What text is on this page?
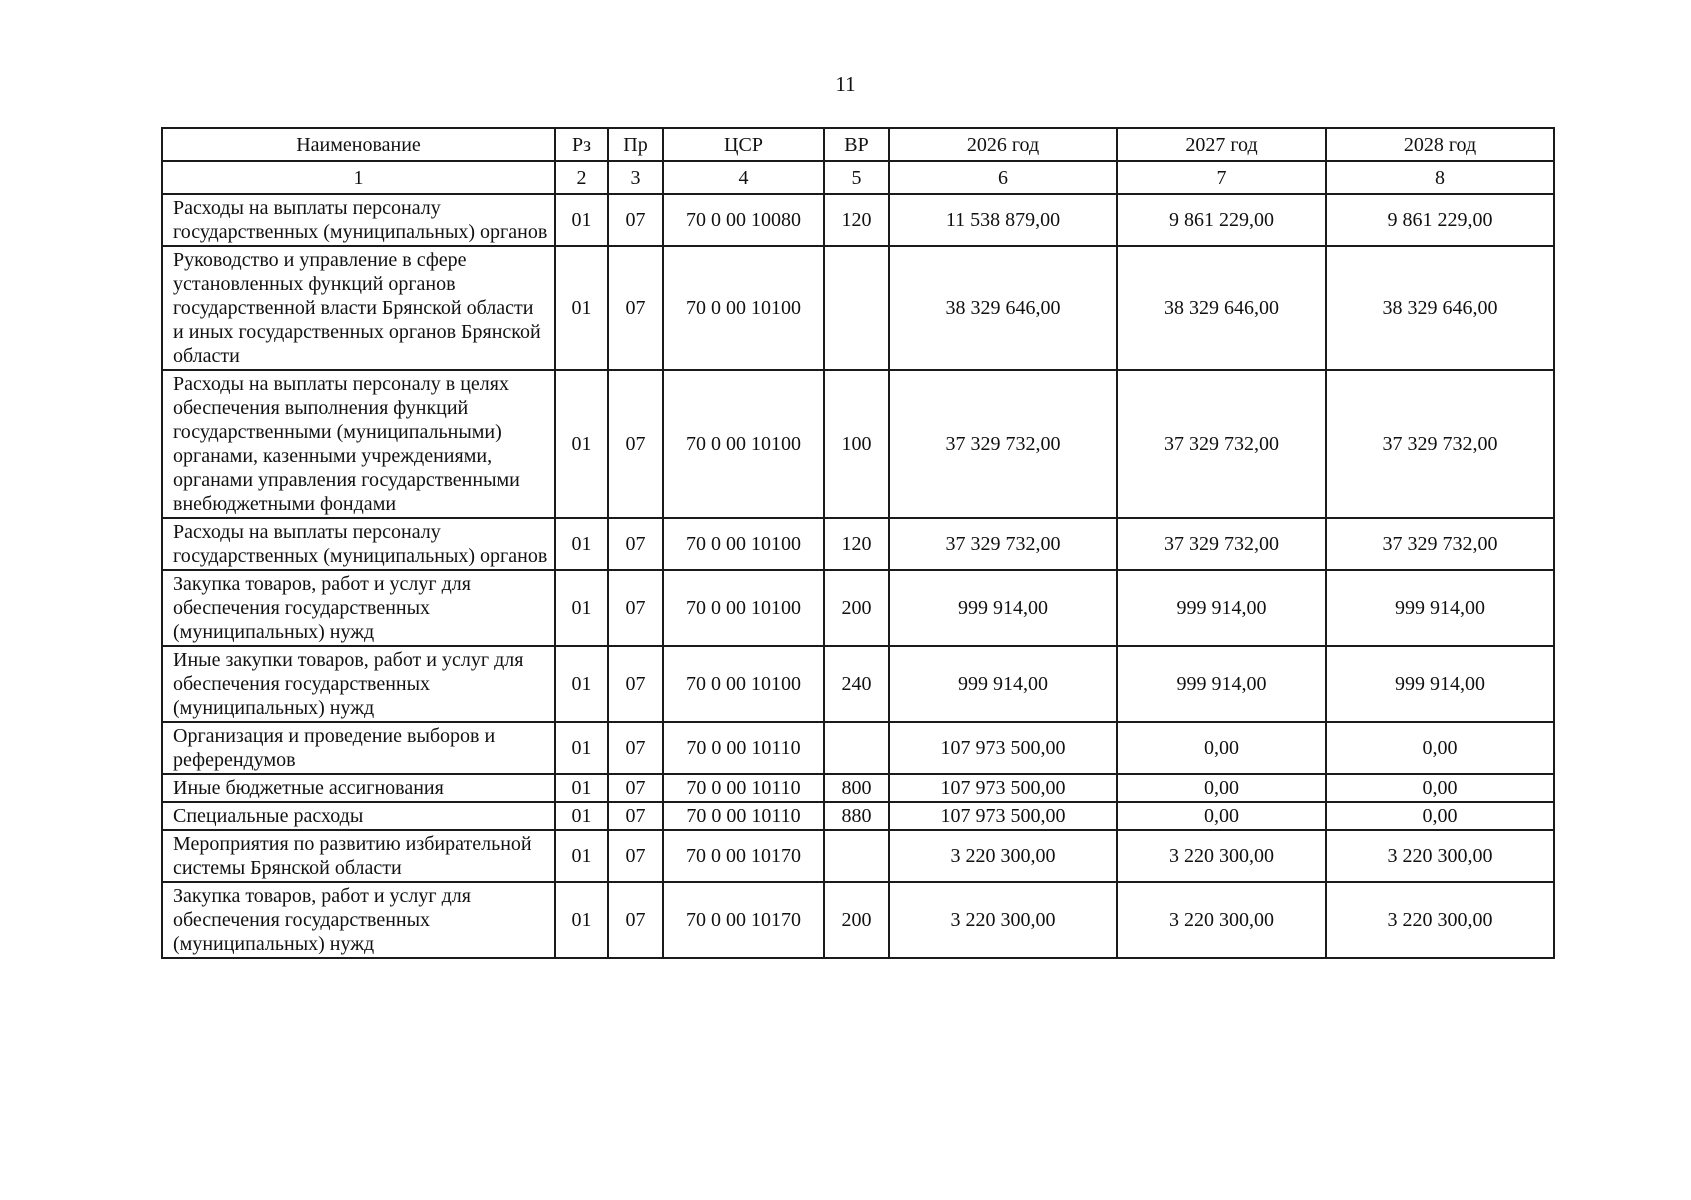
11
Наименование	Рз	Пр	ЦСР	ВР	2026 год	2027 год	2028 год
1	2	3	4	5	6	7	8
Расходы на выплаты персоналу государственных (муниципальных) органов	01	07	70 0 00 10080	120	11 538 879,00	9 861 229,00	9 861 229,00
Руководство и управление в сфере установленных функций органов государственной власти Брянской области и иных государственных органов Брянской области	01	07	70 0 00 10100		38 329 646,00	38 329 646,00	38 329 646,00
Расходы на выплаты персоналу в целях обеспечения выполнения функций государственными (муниципальными) органами, казенными учреждениями, органами управления государственными внебюджетными фондами	01	07	70 0 00 10100	100	37 329 732,00	37 329 732,00	37 329 732,00
Расходы на выплаты персоналу государственных (муниципальных) органов	01	07	70 0 00 10100	120	37 329 732,00	37 329 732,00	37 329 732,00
Закупка товаров, работ и услуг для обеспечения государственных (муниципальных) нужд	01	07	70 0 00 10100	200	999 914,00	999 914,00	999 914,00
Иные закупки товаров, работ и услуг для обеспечения государственных (муниципальных) нужд	01	07	70 0 00 10100	240	999 914,00	999 914,00	999 914,00
Организация и проведение выборов и референдумов	01	07	70 0 00 10110		107 973 500,00	0,00	0,00
Иные бюджетные ассигнования	01	07	70 0 00 10110	800	107 973 500,00	0,00	0,00
Специальные расходы	01	07	70 0 00 10110	880	107 973 500,00	0,00	0,00
Мероприятия по развитию избирательной системы Брянской области	01	07	70 0 00 10170		3 220 300,00	3 220 300,00	3 220 300,00
Закупка товаров, работ и услуг для обеспечения государственных (муниципальных) нужд	01	07	70 0 00 10170	200	3 220 300,00	3 220 300,00	3 220 300,00
